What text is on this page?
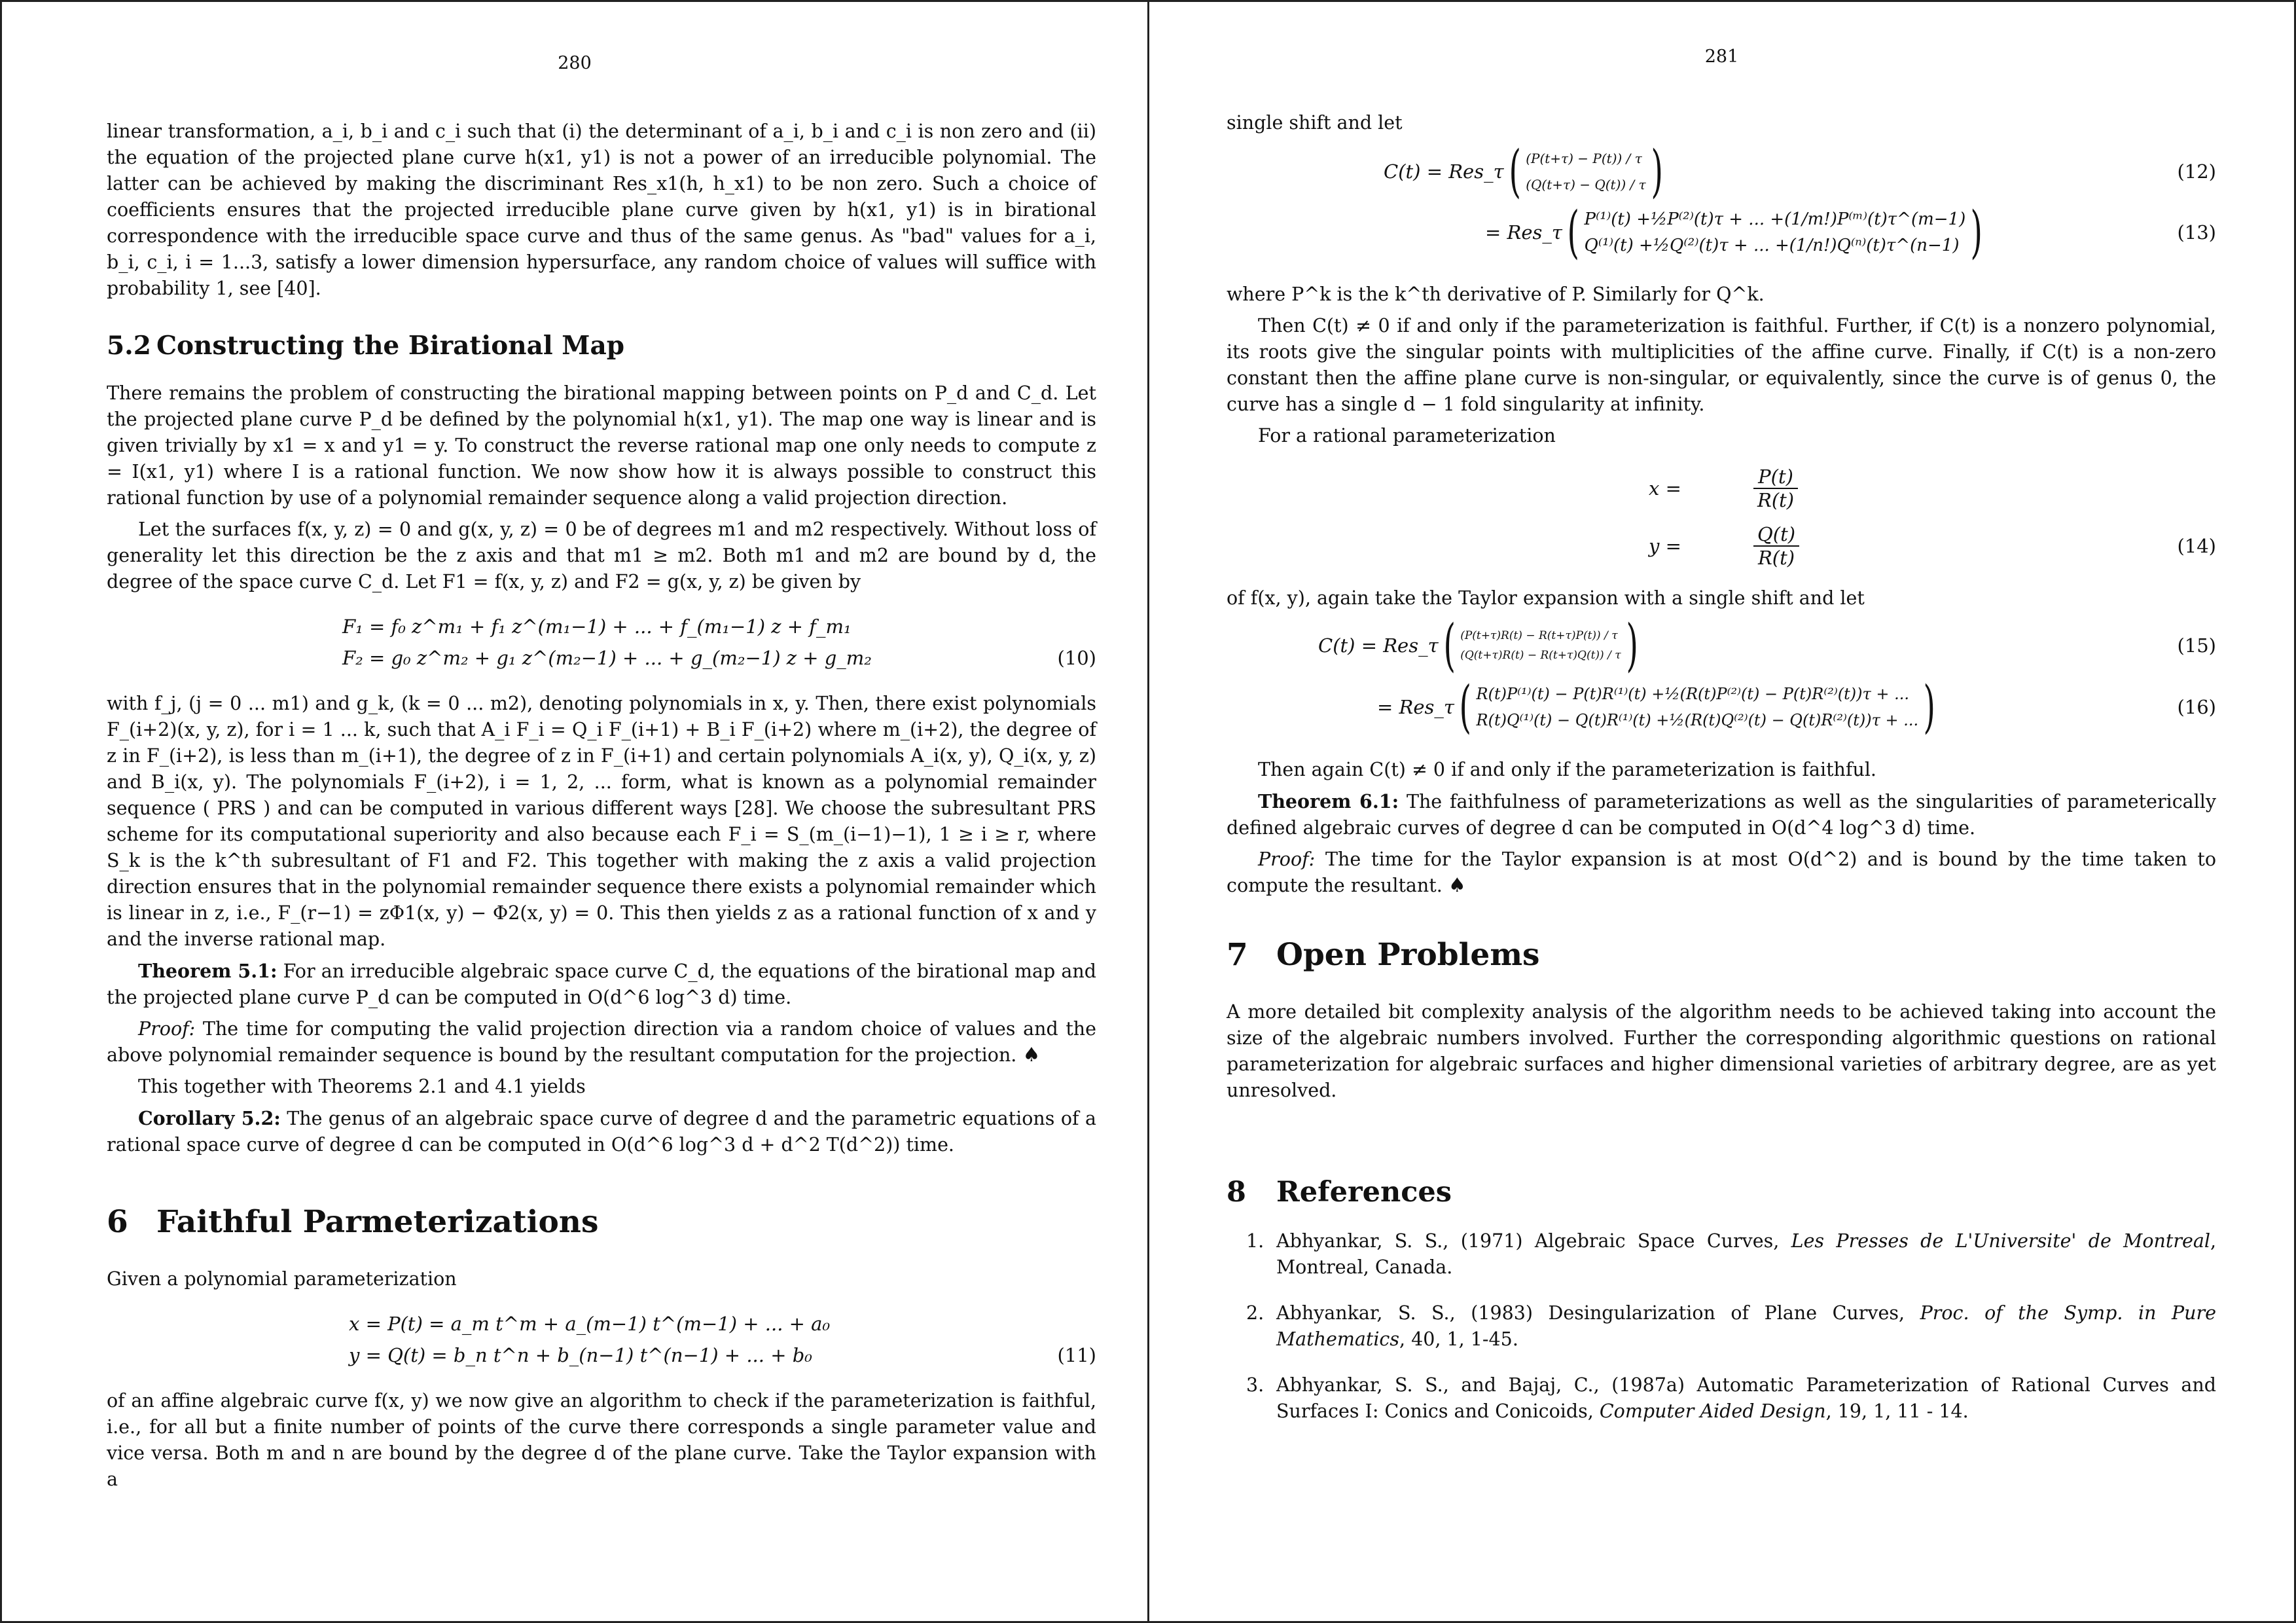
280

linear transformation, a_i, b_i and c_i such that (i) the determinant of a_i, b_i and c_i is non zero and (ii) the equation of the projected plane curve h(x1, y1) is not a power of an irreducible polynomial. The latter can be achieved by making the discriminant Res_x1(h, h_x1) to be non zero. Such a choice of coefficients ensures that the projected irreducible plane curve given by h(x1, y1) is in birational correspondence with the irreducible space curve and thus of the same genus. As "bad" values for a_i, b_i, c_i, i = 1...3, satisfy a lower dimension hypersurface, any random choice of values will suffice with probability 1, see [40].

5.2 Constructing the Birational Map

There remains the problem of constructing the birational mapping between points on P_d and C_d. Let the projected plane curve P_d be defined by the polynomial h(x1, y1). The map one way is linear and is given trivially by x1 = x and y1 = y. To construct the reverse rational map one only needs to compute z = I(x1, y1) where I is a rational function. We now show how it is always possible to construct this rational function by use of a polynomial remainder sequence along a valid projection direction.

Let the surfaces f(x, y, z) = 0 and g(x, y, z) = 0 be of degrees m1 and m2 respectively. Without loss of generality let this direction be the z axis and that m1 ≥ m2. Both m1 and m2 are bound by d, the degree of the space curve C_d. Let F1 = f(x, y, z) and F2 = g(x, y, z) be given by

F₁ = f₀ z^m₁ + f₁ z^(m₁−1) + ... + f_(m₁−1) z + f_m₁
F₂ = g₀ z^m₂ + g₁ z^(m₂−1) + ... + g_(m₂−1) z + g_m₂	(10)

with f_j, (j = 0 ... m1) and g_k, (k = 0 ... m2), denoting polynomials in x, y. Then, there exist polynomials F_(i+2)(x, y, z), for i = 1 ... k, such that A_i F_i = Q_i F_(i+1) + B_i F_(i+2) where m_(i+2), the degree of z in F_(i+2), is less than m_(i+1), the degree of z in F_(i+1) and certain polynomials A_i(x, y), Q_i(x, y, z) and B_i(x, y). The polynomials F_(i+2), i = 1, 2, ... form, what is known as a polynomial remainder sequence ( PRS ) and can be computed in various different ways [28]. We choose the subresultant PRS scheme for its computational superiority and also because each F_i = S_(m_(i−1)−1), 1 ≥ i ≥ r, where S_k is the k^th subresultant of F1 and F2. This together with making the z axis a valid projection direction ensures that in the polynomial remainder sequence there exists a polynomial remainder which is linear in z, i.e., F_(r−1) = zΦ1(x, y) − Φ2(x, y) = 0. This then yields z as a rational function of x and y and the inverse rational map.

Theorem 5.1: For an irreducible algebraic space curve C_d, the equations of the birational map and the projected plane curve P_d can be computed in O(d^6 log^3 d) time.

Proof: The time for computing the valid projection direction via a random choice of values and the above polynomial remainder sequence is bound by the resultant computation for the projection. ♠

This together with Theorems 2.1 and 4.1 yields

Corollary 5.2: The genus of an algebraic space curve of degree d and the parametric equations of a rational space curve of degree d can be computed in O(d^6 log^3 d + d^2 T(d^2)) time.

6 Faithful Parmeterizations

Given a polynomial parameterization

x = P(t) = a_m t^m + a_(m−1) t^(m−1) + ... + a₀
y = Q(t) = b_n t^n + b_(n−1) t^(n−1) + ... + b₀	(11)

of an affine algebraic curve f(x, y) we now give an algorithm to check if the parameterization is faithful, i.e., for all but a finite number of points of the curve there corresponds a single parameter value and vice versa. Both m and n are bound by the degree d of the plane curve. Take the Taylor expansion with a

281

single shift and let

C(t) = Res_τ ( (P(t+τ) − P(t)) / τ
(Q(t+τ) − Q(t)) / τ )	(12)
= Res_τ ( P⁽¹⁾(t) +½P⁽²⁾(t)τ + ... +(1/m!)P⁽ᵐ⁾(t)τ^(m−1)
Q⁽¹⁾(t) +½Q⁽²⁾(t)τ + ... +(1/n!)Q⁽ⁿ⁾(t)τ^(n−1) )	(13)

where P^k is the k^th derivative of P. Similarly for Q^k.

Then C(t) ≠ 0 if and only if the parameterization is faithful. Further, if C(t) is a nonzero polynomial, its roots give the singular points with multiplicities of the affine curve. Finally, if C(t) is a non-zero constant then the affine plane curve is non-singular, or equivalently, since the curve is of genus 0, the curve has a single d − 1 fold singularity at infinity.

For a rational parameterization

x =	$\frac{P(t)}{R(t)}$
y =	$\frac{Q(t)}{R(t)}$	(14)

of f(x, y), again take the Taylor expansion with a single shift and let

C(t) = Res_τ ( (P(t+τ)R(t) − R(t+τ)P(t)) / τ
(Q(t+τ)R(t) − R(t+τ)Q(t)) / τ )	(15)
= Res_τ ( R(t)P⁽¹⁾(t) − P(t)R⁽¹⁾(t) +½(R(t)P⁽²⁾(t) − P(t)R⁽²⁾(t))τ + ...
R(t)Q⁽¹⁾(t) − Q(t)R⁽¹⁾(t) +½(R(t)Q⁽²⁾(t) − Q(t)R⁽²⁾(t))τ + ... )	(16)

Then again C(t) ≠ 0 if and only if the parameterization is faithful.

Theorem 6.1: The faithfulness of parameterizations as well as the singularities of parameterically defined algebraic curves of degree d can be computed in O(d^4 log^3 d) time.

Proof: The time for the Taylor expansion is at most O(d^2) and is bound by the time taken to compute the resultant. ♠

7 Open Problems

A more detailed bit complexity analysis of the algorithm needs to be achieved taking into account the size of the algebraic numbers involved. Further the corresponding algorithmic questions on rational parameterization for algebraic surfaces and higher dimensional varieties of arbitrary degree, are as yet unresolved.

8 References
1. Abhyankar, S. S., (1971) Algebraic Space Curves, Les Presses de L'Universite' de Montreal, Montreal, Canada.
2. Abhyankar, S. S., (1983) Desingularization of Plane Curves, Proc. of the Symp. in Pure Mathematics, 40, 1, 1-45.
3. Abhyankar, S. S., and Bajaj, C., (1987a) Automatic Parameterization of Rational Curves and Surfaces I: Conics and Conicoids, Computer Aided Design, 19, 1, 11 - 14.
